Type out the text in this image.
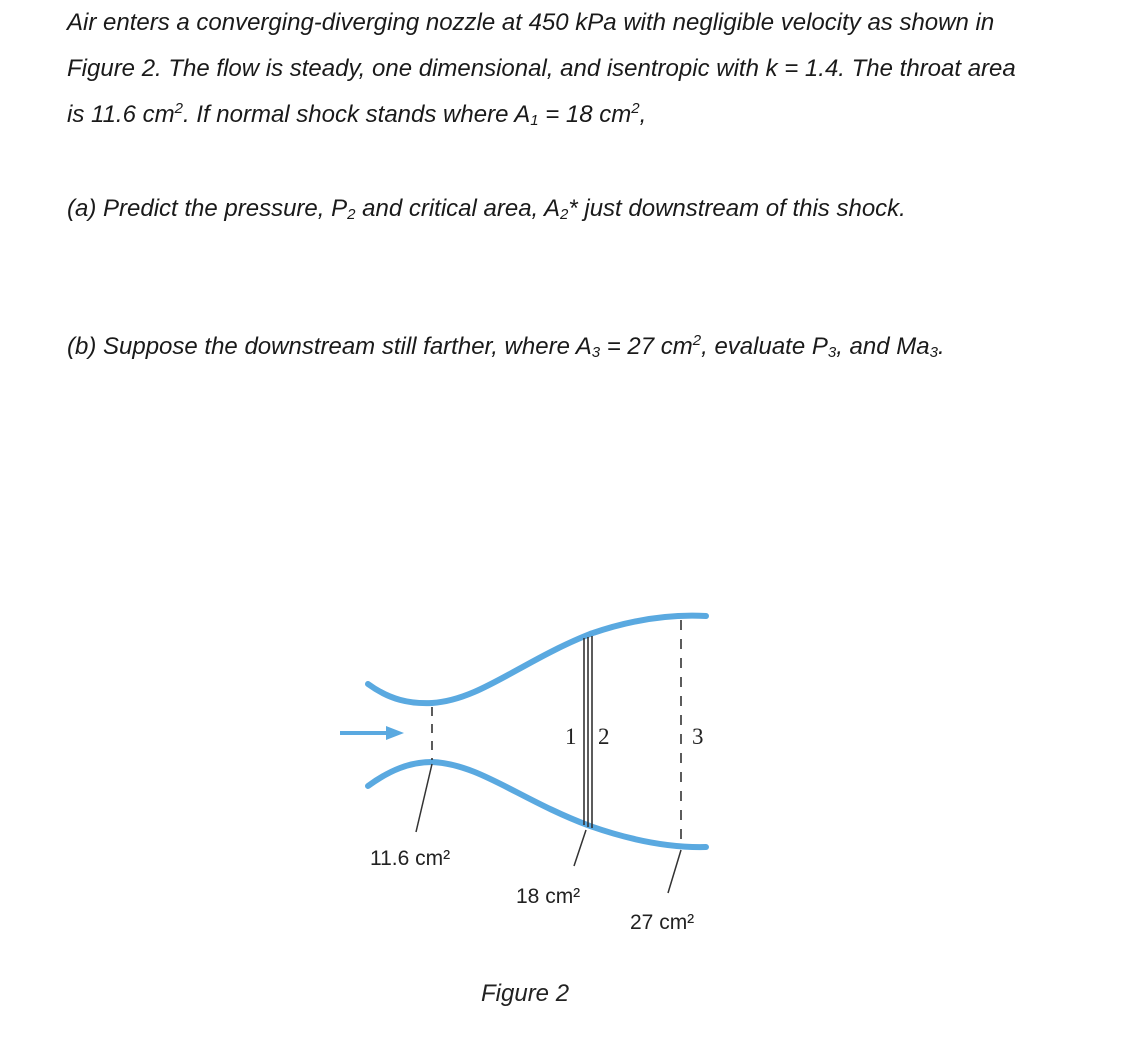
Air enters a converging-diverging nozzle at 450 kPa with negligible velocity as shown in Figure 2. The flow is steady, one dimensional, and isentropic with k = 1.4. The throat area is 11.6 $cm^2$. If normal shock stands where $A_1 = 18$ $cm^2$,

(a) Predict the pressure, $P_2$ and critical area, $A_2*$ just downstream of this shock.

(b) Suppose the downstream still farther, where $A_3 = 27$ $cm^2$, evaluate $P_3$, and $Ma_3$.

11.6 cm²
1 2
18 cm²
3
27 cm²
Figure 2
